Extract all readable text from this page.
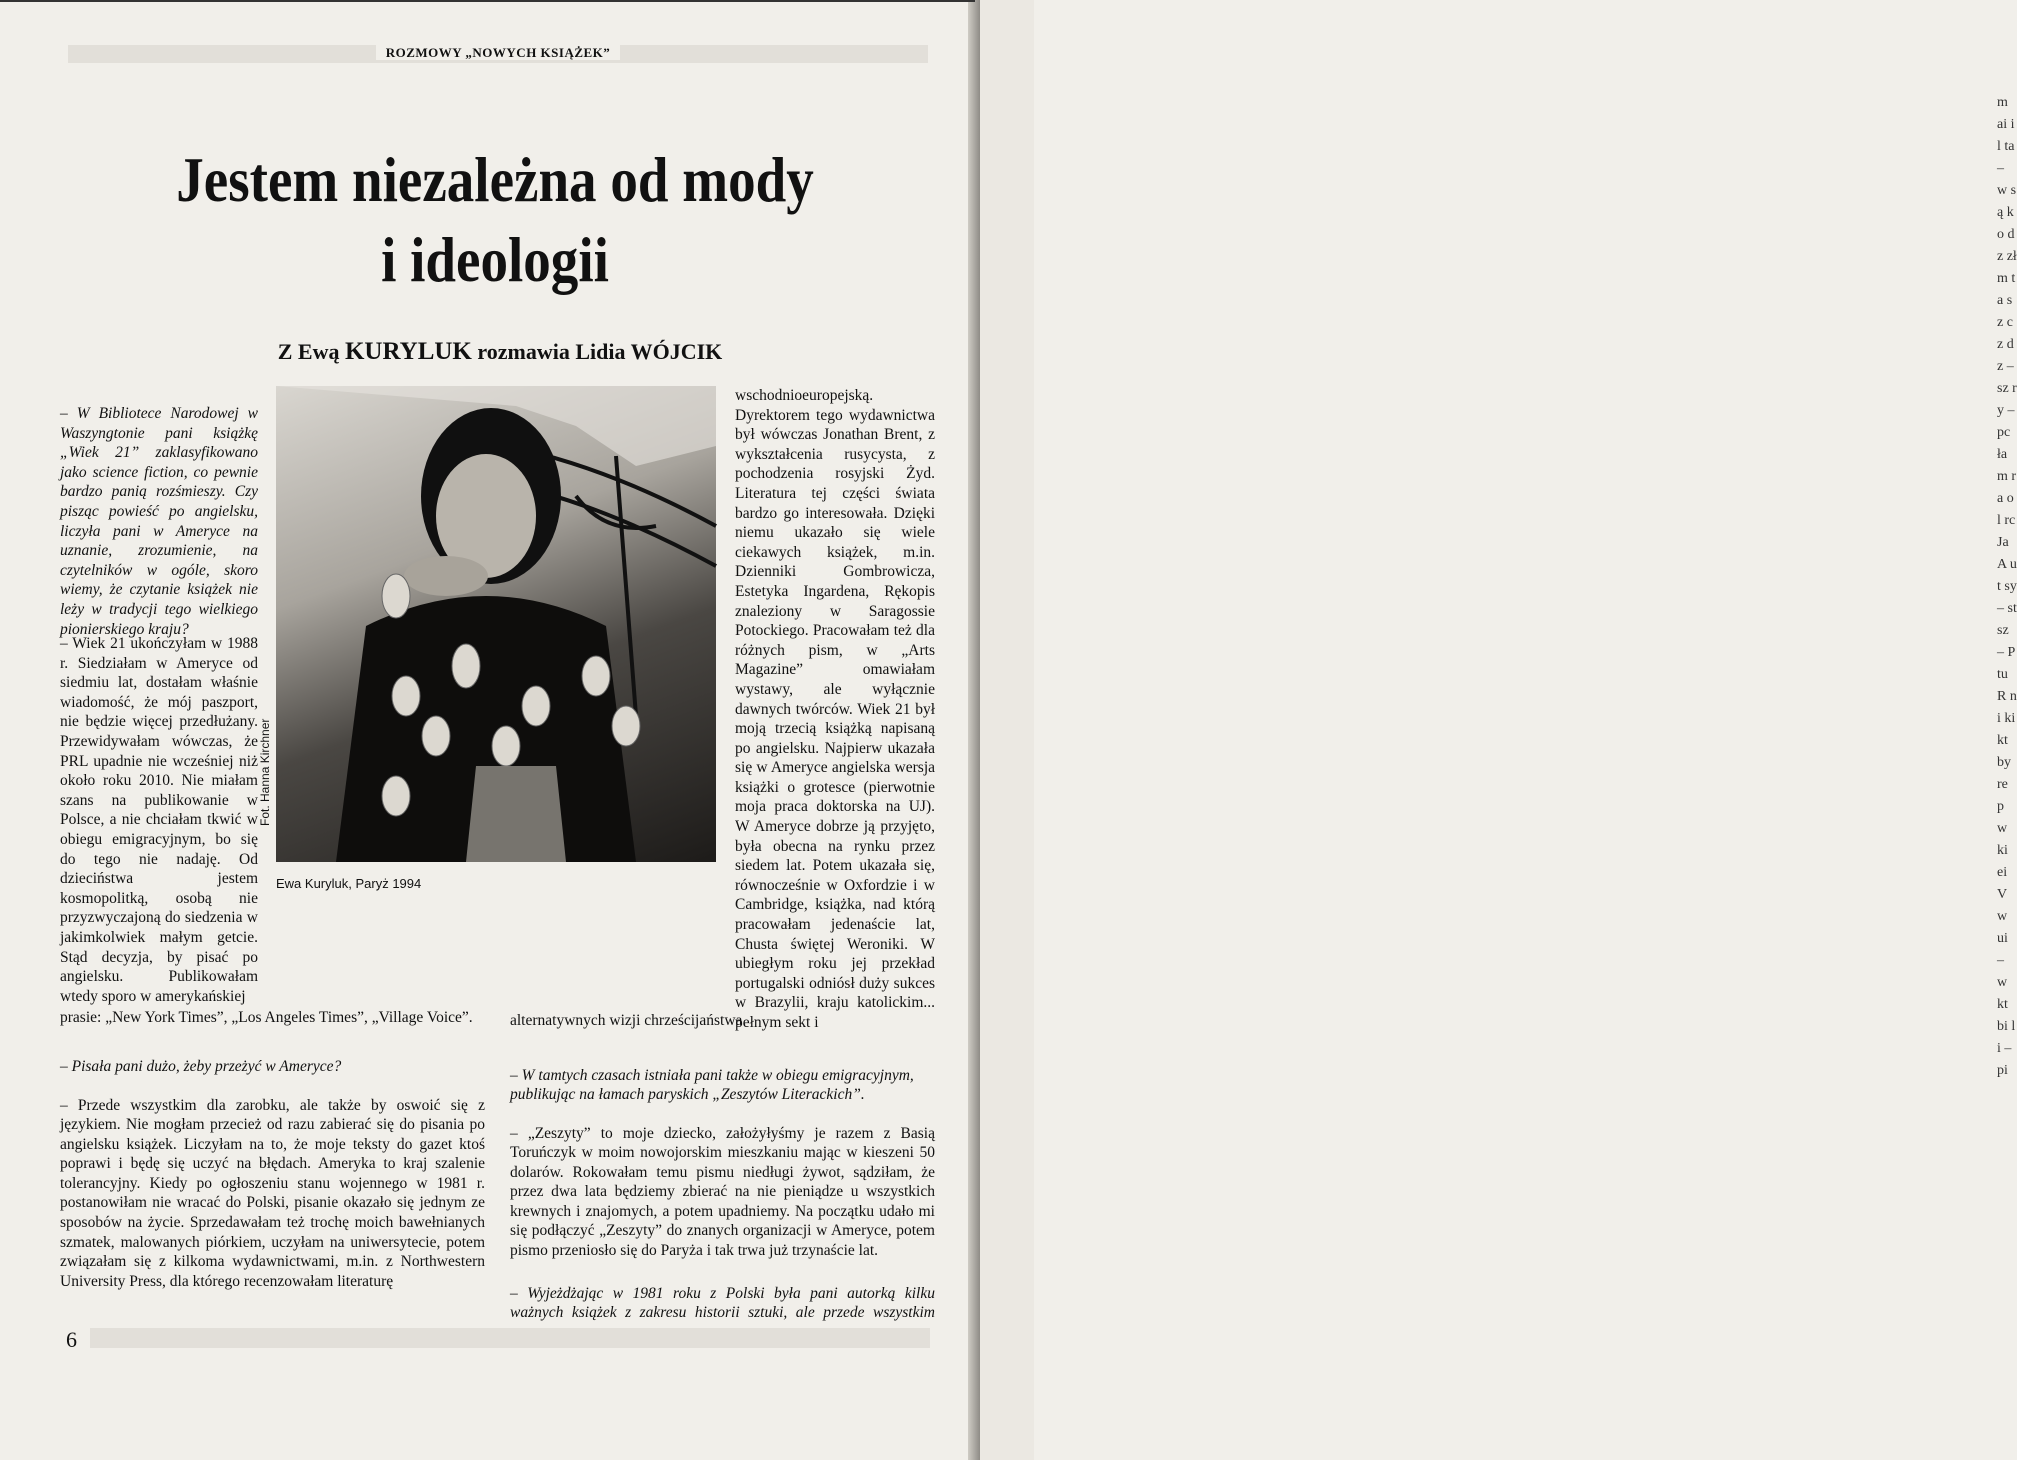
m ai i l ta – w są ko dz zł m ta sz cz dz – sz ry – pc ła m ra ol rc Ja A ut sy – st sz – P tu R ni ki kt by re p w ki ei V w ui – w kt bi li – pi
ROZMOWY „NOWYCH KSIĄŻEK”
Jestem niezależna od mody
i ideologii

Z Ewą KURYLUK rozmawia Lidia WÓJCIK

– W Bibliotece Narodowej w Waszyngtonie pani książkę „Wiek 21” zaklasyfikowano jako science fiction, co pewnie bardzo panią rozśmieszy. Czy pisząc powieść po angielsku, liczyła pani w Ameryce na uznanie, zrozumienie, na czytelników w ogóle, skoro wiemy, że czytanie książek nie leży w tradycji tego wielkiego pionierskiego kraju?

– Wiek 21 ukończyłam w 1988 r. Siedziałam w Ameryce od siedmiu lat, dostałam właśnie wiadomość, że mój paszport, nie będzie więcej przedłużany. Przewidywałam wówczas, że PRL upadnie nie wcześniej niż około roku 2010. Nie miałam szans na publikowanie w Polsce, a nie chciałam tkwić w obiegu emigracyjnym, bo się do tego nie nadaję. Od dzieciństwa jestem kosmopolitką, osobą nie przyzwyczajoną do siedzenia w jakimkolwiek małym getcie. Stąd decyzja, by pisać po angielsku. Publikowałam wtedy sporo w amerykańskiej

prasie: „New York Times”, „Los Angeles Times”, „Village Voice”.

Fot. Hanna Kirchner
Ewa Kuryluk, Paryż 1994

wschodnioeuropejską. Dyrektorem tego wydawnictwa był wówczas Jonathan Brent, z wykształcenia rusycysta, z pochodzenia rosyjski Żyd. Literatura tej części świata bardzo go interesowała. Dzięki niemu ukazało się wiele ciekawych książek, m.in. Dzienniki Gombrowicza, Estetyka Ingardena, Rękopis znaleziony w Saragossie Potockiego. Pracowałam też dla różnych pism, w „Arts Magazine” omawiałam wystawy, ale wyłącznie dawnych twórców. Wiek 21 był moją trzecią książką napisaną po angielsku. Najpierw ukazała się w Ameryce angielska wersja książki o grotesce (pierwotnie moja praca doktorska na UJ). W Ameryce dobrze ją przyjęto, była obecna na rynku przez siedem lat. Potem ukazała się, równocześnie w Oxfordzie i w Cambridge, książka, nad którą pracowałam jedenaście lat, Chusta świętej Weroniki. W ubiegłym roku jej przekład portugalski odniósł duży sukces w Brazylii, kraju katolickim... pełnym sekt i

alternatywnych wizji chrześcijaństwa.

– Pisała pani dużo, żeby przeżyć w Ameryce?

– Przede wszystkim dla zarobku, ale także by oswoić się z językiem. Nie mogłam przecież od razu zabierać się do pisania po angielsku książek. Liczyłam na to, że moje teksty do gazet ktoś poprawi i będę się uczyć na błędach. Ameryka to kraj szalenie tolerancyjny. Kiedy po ogłoszeniu stanu wojennego w 1981 r. postanowiłam nie wracać do Polski, pisanie okazało się jednym ze sposobów na życie. Sprzedawałam też trochę moich bawełnianych szmatek, malowanych piórkiem, uczyłam na uniwersytecie, potem związałam się z kilkoma wydawnictwami, m.in. z Northwestern University Press, dla którego recenzowałam literaturę

– W tamtych czasach istniała pani także w obiegu emigracyjnym, publikując na łamach paryskich „Zeszytów Literackich”.

– „Zeszyty” to moje dziecko, założyłyśmy je razem z Basią Toruńczyk w moim nowojorskim mieszkaniu mając w kieszeni 50 dolarów. Rokowałam temu pismu niedługi żywot, sądziłam, że przez dwa lata będziemy zbierać na nie pieniądze u wszystkich krewnych i znajomych, a potem upadniemy. Na początku udało mi się podłączyć „Zeszyty” do znanych organizacji w Ameryce, potem pismo przeniosło się do Paryża i tak trwa już trzynaście lat.

– Wyjeżdżając w 1981 roku z Polski była pani autorką kilku ważnych książek z zakresu historii sztuki, ale przede wszystkim

6
